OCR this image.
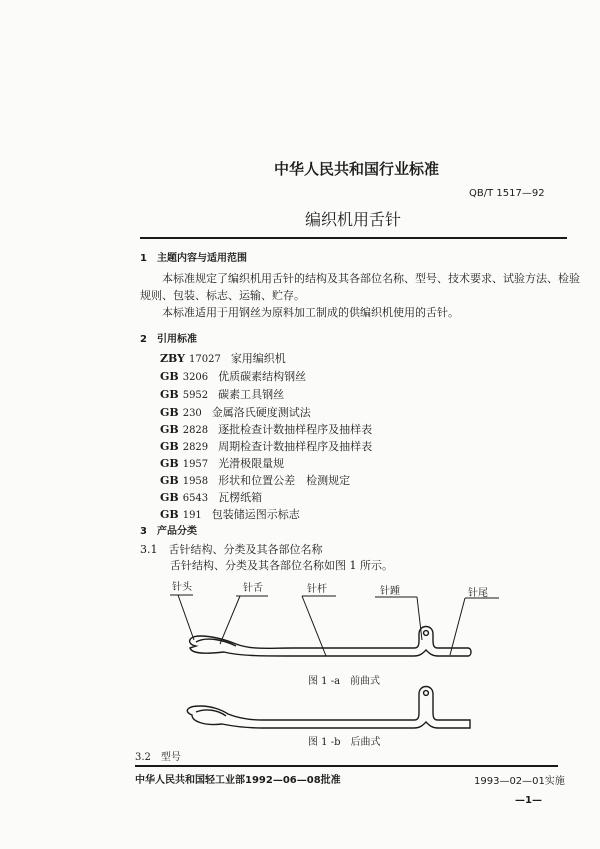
中华人民共和国行业标准
QB/T 1517—92
编织机用舌针
1　主题内容与适用范围
本标准规定了编织机用舌针的结构及其各部位名称、型号、技术要求、试验方法、检验
规则、包装、标志、运输、贮存。
本标准适用于用钢丝为原料加工制成的供编织机使用的舌针。
2　引用标准
ZBY 17027 家用编织机
GB 3206 优质碳素结构钢丝
GB 5952 碳素工具钢丝
GB 230 金属洛氏硬度测试法
GB 2828 逐批检查计数抽样程序及抽样表
GB 2829 周期检查计数抽样程序及抽样表
GB 1957 光滑极限量规
GB 1958 形状和位置公差　检测规定
GB 6543 瓦楞纸箱
GB 191 包装储运图示标志
3　产品分类
3.1　舌针结构、分类及其各部位名称
舌针结构、分类及其各部位名称如图 1 所示。
针头	针舌	针杆	针踵	针尾
图 1 -a　前曲式
图 1 -b　后曲式
3.2　型号
中华人民共和国轻工业部1992—06—08批准	1993—02—01实施
—1—
